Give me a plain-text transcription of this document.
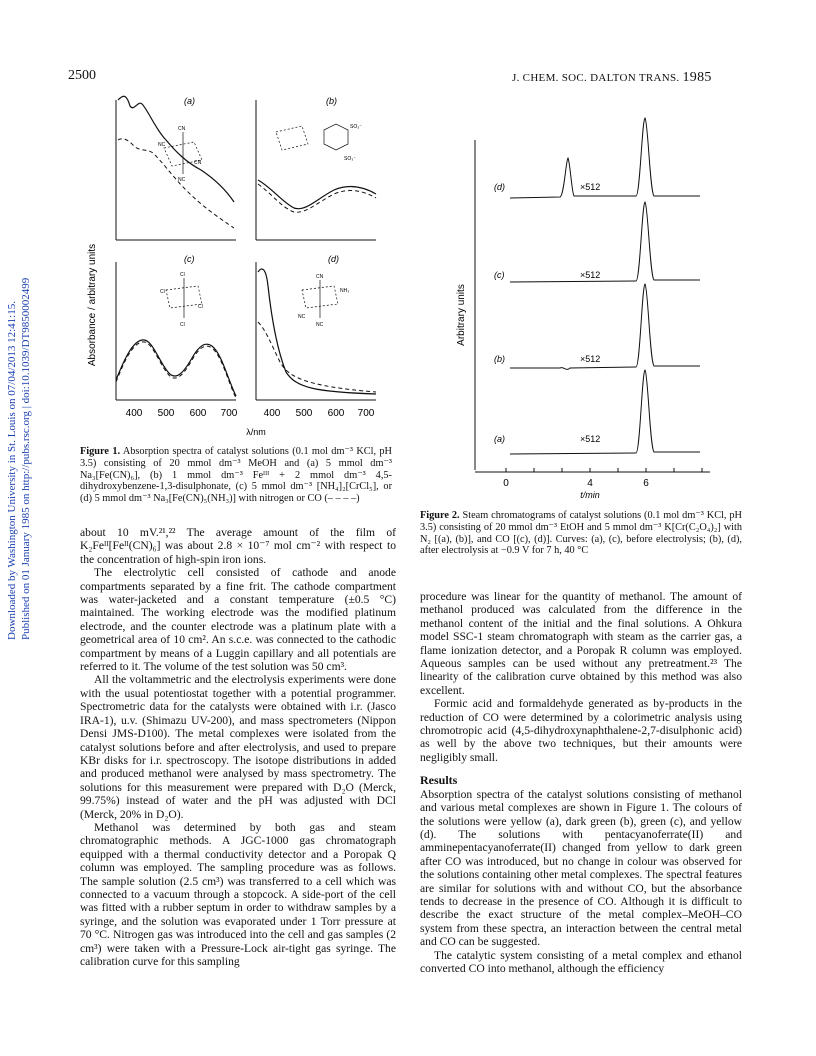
2500	J. CHEM. SOC. DALTON TRANS. 1985
Downloaded by Washington University in St. Louis on 07/04/2013 12:41:15. Published on 01 January 1985 on http://pubs.rsc.org | doi:10.1039/DT9850002499	Absorbance / arbitrary units
(a)
CN
NC
CN
NC
(b)
SO₃⁻
SO₃⁻
(c)
Cl
Cl
Cl
Cl
(d)
CN
NH₃
NC
NC
400 500 600 700	400 500 600 700
λ/nm
Figure 1. Absorption spectra of catalyst solutions (0.1 mol dm⁻³ KCl, pH 3.5) consisting of 20 mmol dm⁻³ MeOH and (a) 5 mmol dm⁻³ Na₃[Fe(CN)₆], (b) 1 mmol dm⁻³ Feᴵᴵᴵ + 2 mmol dm⁻³ 4,5-dihydroxybenzene-1,3-disulphonate, (c) 5 mmol dm⁻³ [NH₄]₂[CrCl₅], or (d) 5 mmol dm⁻³ Na₃[Fe(CN)₅(NH₃)] with nitrogen or CO (– – – –)
Arbitrary units
(d)	×512
(c)	×512
(b)	×512
(a)	×512
0	4	6
t/min
Figure 2. Steam chromatograms of catalyst solutions (0.1 mol dm⁻³ KCl, pH 3.5) consisting of 20 mmol dm⁻³ EtOH and 5 mmol dm⁻³ K[Cr(C₂O₄)₂] with N₂ [(a), (b)], and CO [(c), (d)]. Curves: (a), (c), before electrolysis; (b), (d), after electrolysis at −0.9 V for 7 h, 40 °C

about 10 mV.²¹,²² The average amount of the film of K₂Feᴵᴵ[Feᴵᴵ(CN)₆] was about 2.8 × 10⁻⁷ mol cm⁻² with respect to the concentration of high-spin iron ions.

The electrolytic cell consisted of cathode and anode compartments separated by a fine frit. The cathode compartment was water-jacketed and a constant temperature (±0.5 °C) maintained. The working electrode was the modified platinum electrode, and the counter electrode was a platinum plate with a geometrical area of 10 cm². An s.c.e. was connected to the cathodic compartment by means of a Luggin capillary and all potentials are referred to it. The volume of the test solution was 50 cm³.

All the voltammetric and the electrolysis experiments were done with the usual potentiostat together with a potential programmer. Spectrometric data for the catalysts were obtained with i.r. (Jasco IRA-1), u.v. (Shimazu UV-200), and mass spectrometers (Nippon Densi JMS-D100). The metal complexes were isolated from the catalyst solutions before and after electrolysis, and used to prepare KBr disks for i.r. spectroscopy. The isotope distributions in added and produced methanol were analysed by mass spectrometry. The solutions for this measurement were prepared with D₂O (Merck, 99.75%) instead of water and the pH was adjusted with DCl (Merck, 20% in D₂O).

Methanol was determined by both gas and steam chromatographic methods. A JGC-1000 gas chromatograph equipped with a thermal conductivity detector and a Poropak Q column was employed. The sampling procedure was as follows. The sample solution (2.5 cm³) was transferred to a cell which was connected to a vacuum through a stopcock. A side-port of the cell was fitted with a rubber septum in order to withdraw samples by a syringe, and the solution was evaporated under 1 Torr pressure at 70 °C. Nitrogen gas was introduced into the cell and gas samples (2 cm³) were taken with a Pressure-Lock air-tight gas syringe. The calibration curve for this sampling

procedure was linear for the quantity of methanol. The amount of methanol produced was calculated from the difference in the methanol content of the initial and the final solutions. A Ohkura model SSC-1 steam chromatograph with steam as the carrier gas, a flame ionization detector, and a Poropak R column was employed. Aqueous samples can be used without any pretreatment.²³ The linearity of the calibration curve obtained by this method was also excellent.

Formic acid and formaldehyde generated as by-products in the reduction of CO were determined by a colorimetric analysis using chromotropic acid (4,5-dihydroxynaphthalene-2,7-disulphonic acid) as well by the above two techniques, but their amounts were negligibly small.

Results

Absorption spectra of the catalyst solutions consisting of methanol and various metal complexes are shown in Figure 1. The colours of the solutions were yellow (a), dark green (b), green (c), and yellow (d). The solutions with pentacyanoferrate(II) and amminepentacyanoferrate(II) changed from yellow to dark green after CO was introduced, but no change in colour was observed for the solutions containing other metal complexes. The spectral features are similar for solutions with and without CO, but the absorbance tends to decrease in the presence of CO. Although it is difficult to describe the exact structure of the metal complex–MeOH–CO system from these spectra, an interaction between the central metal and CO can be suggested.

The catalytic system consisting of a metal complex and ethanol converted CO into methanol, although the efficiency
